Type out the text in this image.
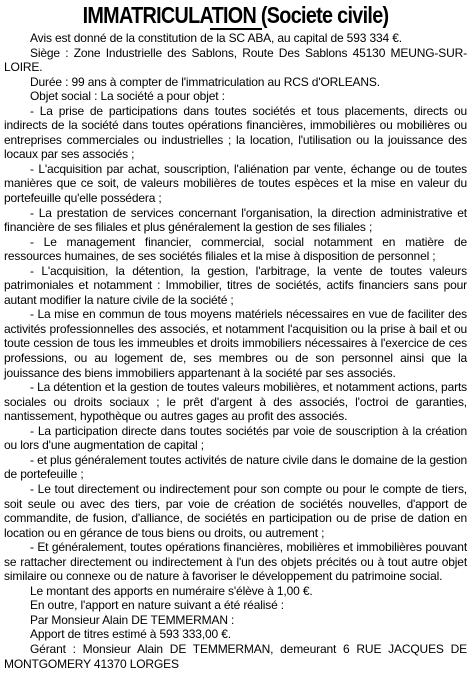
IMMATRICULATION (Societe civile)

Avis est donné de la constitution de la SC ABA, au capital de 593 334 €.

Siège : Zone Industrielle des Sablons, Route Des Sablons 45130 MEUNG-SUR-LOIRE.

Durée : 99 ans à compter de l'immatriculation au RCS d'ORLEANS.

Objet social : La société a pour objet :

- La prise de participations dans toutes sociétés et tous placements, directs ou indirects de la société dans toutes opérations financières, immobilières ou mobilières ou entreprises commerciales ou industrielles ; la location, l'utilisation ou la jouissance des locaux par ses associés ;

- L'acquisition par achat, souscription, l'aliénation par vente, échange ou de toutes manières que ce soit, de valeurs mobilières de toutes espèces et la mise en valeur du portefeuille qu'elle possédera ;

- La prestation de services concernant l'organisation, la direction administrative et financière de ses filiales et plus généralement la gestion de ses filiales ;

- Le management financier, commercial, social notamment en matière de ressources humaines, de ses sociétés filiales et la mise à disposition de personnel ;

- L'acquisition, la détention, la gestion, l'arbitrage, la vente de toutes valeurs patrimoniales et notamment : Immobilier, titres de sociétés, actifs financiers sans pour autant modifier la nature civile de la société ;

- La mise en commun de tous moyens matériels nécessaires en vue de faciliter des activités professionnelles des associés, et notamment l'acquisition ou la prise à bail et ou toute cession de tous les immeubles et droits immobiliers nécessaires à l'exercice de ces professions, ou au logement de, ses membres ou de son personnel ainsi que la jouissance des biens immobiliers appartenant à la société par ses associés.

- La détention et la gestion de toutes valeurs mobilières, et notamment actions, parts sociales ou droits sociaux ; le prêt d'argent à des associés, l'octroi de garanties, nantissement, hypothèque ou autres gages au profit des associés.

- La participation directe dans toutes sociétés par voie de souscription à la création ou lors d'une augmentation de capital ;

- et plus généralement toutes activités de nature civile dans le domaine de la gestion de portefeuille ;

- Le tout directement ou indirectement pour son compte ou pour le compte de tiers, soit seule ou avec des tiers, par voie de création de sociétés nouvelles, d'apport de commandite, de fusion, d'alliance, de sociétés en participation ou de prise de dation en location ou en gérance de tous biens ou droits, ou autrement ;

- Et généralement, toutes opérations financières, mobilières et immobilières pouvant se rattacher directement ou indirectement à l'un des objets précités ou à tout autre objet similaire ou connexe ou de nature à favoriser le développement du patrimoine social.

Le montant des apports en numéraire s'élève à 1,00 €.

En outre, l'apport en nature suivant a été réalisé :

Par Monsieur Alain DE TEMMERMAN :

Apport de titres estimé à 593 333,00 €.

Gérant : Monsieur Alain DE TEMMERMAN, demeurant 6 RUE JACQUES DE MONTGOMERY 41370 LORGES
